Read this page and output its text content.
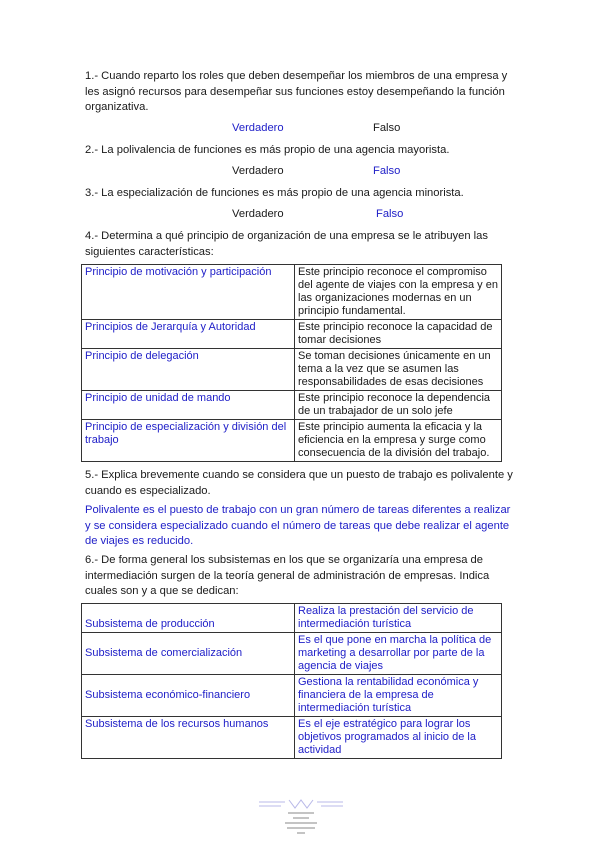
1.- Cuando reparto los roles que deben desempeñar los miembros de una empresa y les asignó recursos para desempeñar sus funciones estoy desempeñando la función organizativa.
Verdadero	Falso
2.- La polivalencia de funciones es más propio de una agencia mayorista.
Verdadero	Falso
3.- La especialización de funciones es más propio de una agencia minorista.
Verdadero	Falso
4.- Determina a qué principio de organización de una empresa se le atribuyen las siguientes características:
Principio de motivación y participación	Este principio reconoce el compromiso del agente de viajes con la empresa y en las organizaciones modernas en un principio fundamental.
Principios de Jerarquía y Autoridad	Este principio reconoce la capacidad de tomar decisiones
Principio de delegación	Se toman decisiones únicamente en un tema a la vez que se asumen las responsabilidades de esas decisiones
Principio de unidad de mando	Este principio reconoce la dependencia de un trabajador de un solo jefe
Principio de especialización y división del trabajo	Este principio aumenta la eficacia y la eficiencia en la empresa y surge como consecuencia de la división del trabajo.
5.- Explica brevemente cuando se considera que un puesto de trabajo es polivalente y cuando es especializado.
Polivalente es el puesto de trabajo con un gran número de tareas diferentes a realizar y se considera especializado cuando el número de tareas que debe realizar el agente de viajes es reducido.
6.- De forma general los subsistemas en los que se organizaría una empresa de intermediación surgen de la teoría general de administración de empresas. Indica cuales son y a que se dedican:
Subsistema de producción	Realiza la prestación del servicio de intermediación turística
Subsistema de comercialización	Es el que pone en marcha la política de marketing a desarrollar por parte de la agencia de viajes
Subsistema económico-financiero	Gestiona la rentabilidad económica y financiera de la empresa de intermediación turística
Subsistema de los recursos humanos	Es el eje estratégico para lograr los objetivos programados al inicio de la actividad
